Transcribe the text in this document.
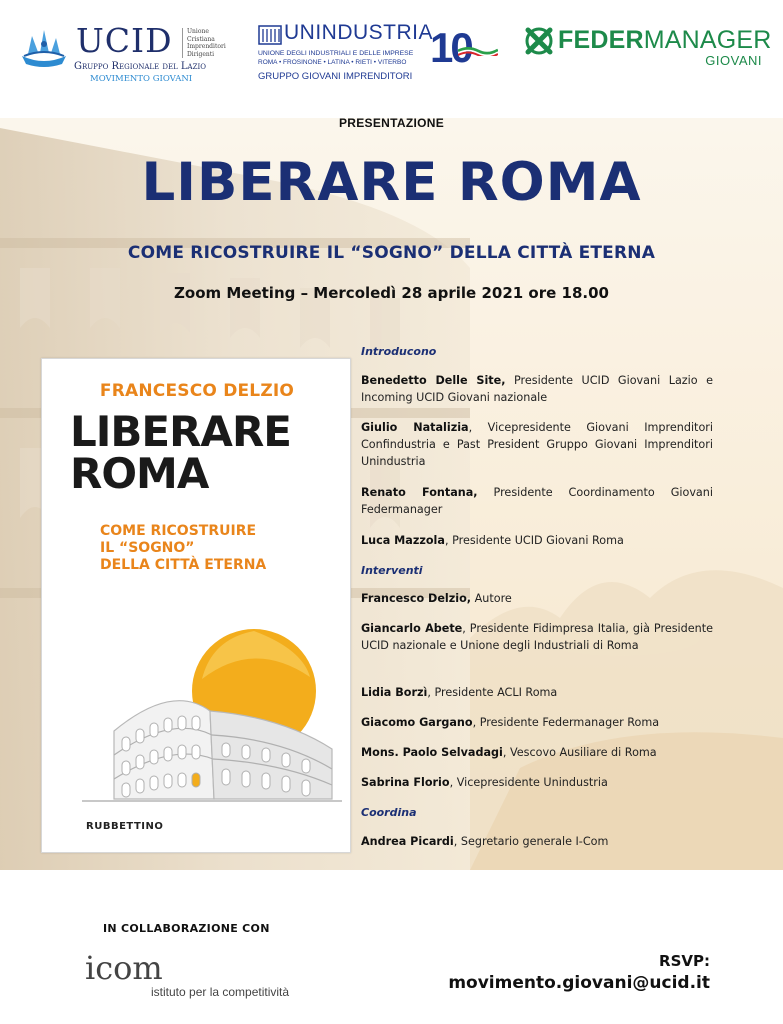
UCID Unione
Cristiana
Imprenditori
Dirigenti
Gruppo Regionale del Lazio
MOVIMENTO GIOVANI
UNINDUSTRIA
UNIONE DEGLI INDUSTRIALI E DELLE IMPRESE
ROMA • FROSINONE • LATINA • RIETI • VITERBO
GRUPPO GIOVANI IMPRENDITORI
10	FEDERMANAGER
GIOVANI
PRESENTAZIONE
LIBERARE ROMA
COME RICOSTRUIRE IL “SOGNO” DELLA CITTÀ ETERNA
Zoom Meeting – Mercoledì 28 aprile 2021 ore 18.00
FRANCESCO DELZIO
LIBERARE
ROMA
COME RICOSTRUIRE
IL “SOGNO”
DELLA CITTÀ ETERNA
RUBBETTINO
Introducono
Benedetto Delle Site, Presidente UCID Giovani Lazio e Incoming UCID Giovani nazionale
Giulio Natalizia, Vicepresidente Giovani Imprenditori Confindustria e Past President Gruppo Giovani Imprenditori Unindustria
Renato Fontana, Presidente Coordinamento Giovani Federmanager
Luca Mazzola, Presidente UCID Giovani Roma
Interventi
Francesco Delzio, Autore
Giancarlo Abete, Presidente Fidimpresa Italia, già Presidente UCID nazionale e Unione degli Industriali di Roma
Lidia Borzì, Presidente ACLI Roma
Giacomo Gargano, Presidente Federmanager Roma
Mons. Paolo Selvadagi, Vescovo Ausiliare di Roma
Sabrina Florio, Vicepresidente Unindustria
Coordina
Andrea Picardi, Segretario generale I-Com
IN COLLABORAZIONE CON
icom
istituto per la competitività
RSVP:
movimento.giovani@ucid.it
